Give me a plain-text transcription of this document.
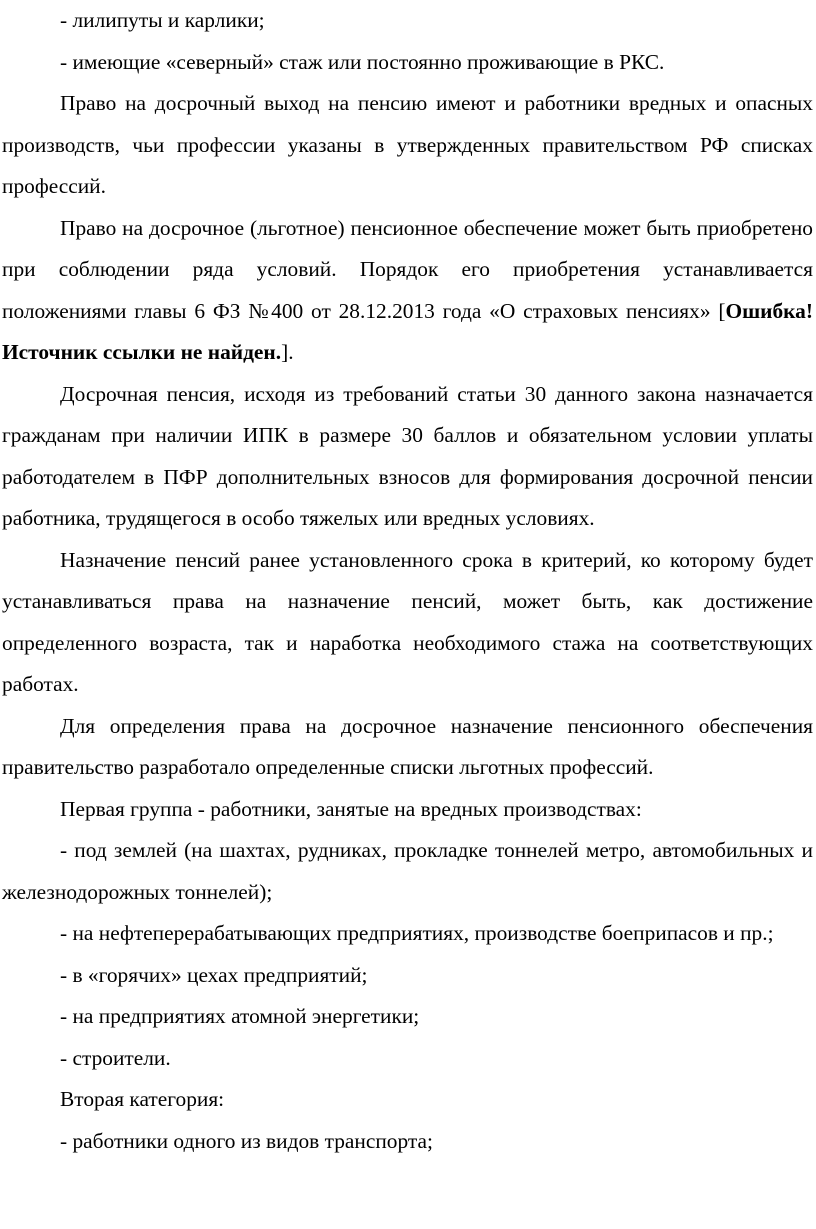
- лилипуты и карлики;

- имеющие «северный» стаж или постоянно проживающие в РКС.

Право на досрочный выход на пенсию имеют и работники вредных и опасных производств, чьи профессии указаны в утвержденных правительством РФ списках профессий.

Право на досрочное (льготное) пенсионное обеспечение может быть приобретено при соблюдении ряда условий. Порядок его приобретения устанавливается положениями главы 6 ФЗ №400 от 28.12.2013 года «О страховых пенсиях» [Ошибка! Источник ссылки не найден.].

Досрочная пенсия, исходя из требований статьи 30 данного закона назначается гражданам при наличии ИПК в размере 30 баллов и обязательном условии уплаты работодателем в ПФР дополнительных взносов для формирования досрочной пенсии работника, трудящегося в особо тяжелых или вредных условиях.

Назначение пенсий ранее установленного срока в критерий, ко которому будет устанавливаться права на назначение пенсий, может быть, как достижение определенного возраста, так и наработка необходимого стажа на соответствующих работах.

Для определения права на досрочное назначение пенсионного обеспечения правительство разработало определенные списки льготных профессий.

Первая группа - работники, занятые на вредных производствах:

- под землей (на шахтах, рудниках, прокладке тоннелей метро, автомобильных и железнодорожных тоннелей);

- на нефтеперерабатывающих предприятиях, производстве боеприпасов и пр.;

- в «горячих» цехах предприятий;

- на предприятиях атомной энергетики;

- строители.

Вторая категория:

- работники одного из видов транспорта;
